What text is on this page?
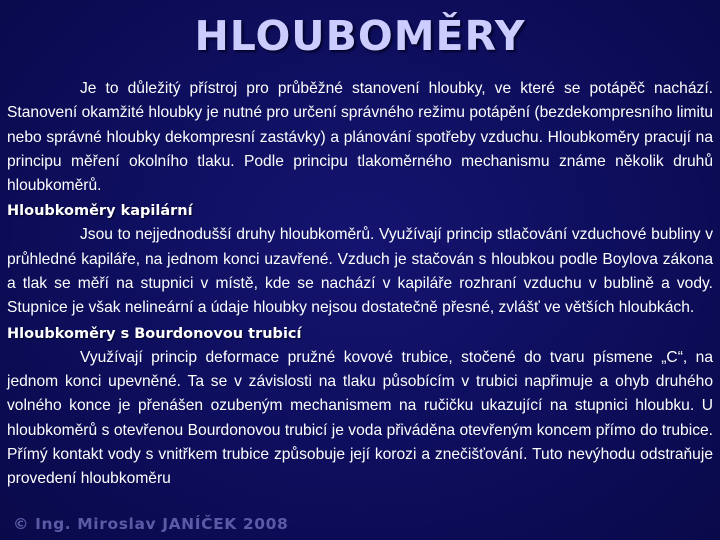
HLOUBOMĚRY

Je to důležitý přístroj pro průběžné stanovení hloubky, ve které se potápěč nachází. Stanovení okamžité hloubky je nutné pro určení správného režimu potápění (bezdekompresního limitu nebo správné hloubky dekompresní zastávky) a plánování spotřeby vzduchu. Hloubkoměry pracují na principu měření okolního tlaku. Podle principu tlakoměrného mechanismu známe několik druhů hloubkoměrů.

Hloubkoměry kapilární

Jsou to nejjednodušší druhy hloubkoměrů. Využívají princip stlačování vzduchové bubliny v průhledné kapiláře, na jednom konci uzavřené. Vzduch je stačován s hloubkou podle Boylova zákona a tlak se měří na stupnici v místě, kde se nachází v kapiláře rozhraní vzduchu v bublině a vody. Stupnice je však nelineární a údaje hloubky nejsou dostatečně přesné, zvlášť ve větších hloubkách.

Hloubkoměry s Bourdonovou trubicí

Využívají princip deformace pružné kovové trubice, stočené do tvaru písmene „C“, na jednom konci upevněné. Ta se v závislosti na tlaku působícím v trubici napřimuje a ohyb druhého volného konce je přenášen ozubeným mechanismem na ručičku ukazující na stupnici hloubku. U hloubkoměrů s otevřenou Bourdonovou trubicí je voda přiváděna otevřeným koncem přímo do trubice. Přímý kontakt vody s vnitřkem trubice způsobuje její korozi a znečišťování. Tuto nevýhodu odstraňuje provedení hloubkoměru

© Ing. Miroslav JANÍČEK 2008
